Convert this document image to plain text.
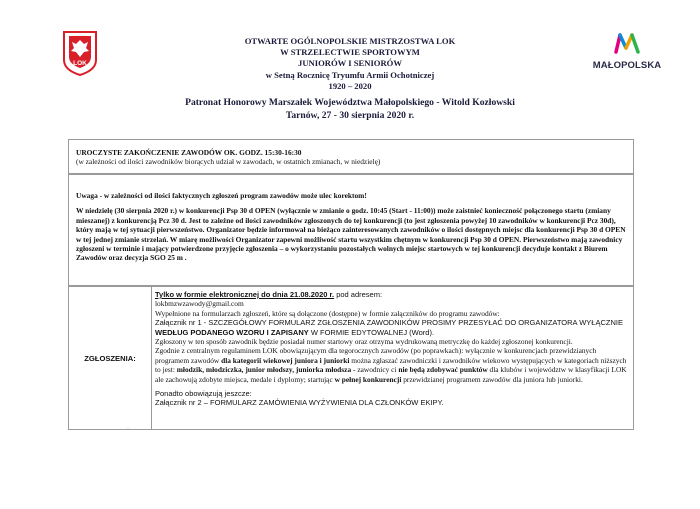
LOK	MAŁOPOLSKA
OTWARTE OGÓLNOPOLSKIE MISTRZOSTWA LOK
W STRZELECTWIE SPORTOWYM
JUNIORÓW I SENIORÓW
w Setną Rocznicę Tryumfu Armii Ochotniczej
1920 – 2020
Patronat Honorowy Marszałek Województwa Małopolskiego - Witold Kozłowski
Tarnów, 27 - 30 sierpnia 2020 r.

UROCZYSTE ZAKOŃCZENIE ZAWODÓW OK. GODZ. 15:30-16:30

(w zależności od ilości zawodników biorących udział w zawodach, w ostatnich zmianach, w niedzielę)

Uwaga - w zależności od ilości faktycznych zgłoszeń program zawodów może ulec korektom!

W niedzielę (30 sierpnia 2020 r.) w konkurencji Psp 30 d OPEN (wyłącznie w zmianie o godz. 10:45 (Start - 11:00)) może zaistnieć konieczność połączonego startu (zmiany mieszanej) z konkurencją Pcz 30 d. Jest to zależne od ilości zawodników zgłoszonych do tej konkurencji (to jest zgłoszenia powyżej 10 zawodników w konkurencji Pcz 30d), który mają w tej sytuacji pierwszeństwo. Organizator będzie informował na bieżąco zainteresowanych zawodników o ilości dostępnych miejsc dla konkurencji Psp 30 d OPEN w tej jednej zmianie strzelań. W miarę możliwości Organizator zapewni możliwość startu wszystkim chętnym w konkurencji Psp 30 d OPEN. Pierwszeństwo mają zawodnicy zgłoszeni w terminie i mający potwierdzone przyjęcie zgłoszenia – o wykorzystaniu pozostałych wolnych miejsc startowych w tej konkurencji decyduje kontakt z Biurem Zawodów oraz decyzja SGO 25 m .

ZGŁOSZENIA:

Tylko w formie elektronicznej do dnia 21.08.2020 r. pod adresem:

lokbmzwzawody@gmail.com

Wypełnione na formularzach zgłoszeń, które są dołączone (dostępne) w formie załączników do programu zawodów:

Załącznik nr 1 - SZCZEGÓŁOWY FORMULARZ ZGŁOSZENIA ZAWODNIKÓW PROSIMY PRZESYŁAĆ DO ORGANIZATORA WYŁĄCZNIE WEDŁUG PODANEGO WZORU I ZAPISANY W FORMIE EDYTOWALNEJ (Word).

Zgłoszony w ten sposób zawodnik będzie posiadał numer startowy oraz otrzyma wydrukowaną metryczkę do każdej zgłoszonej konkurencji.

Zgodnie z centralnym regulaminem LOK obowiązującym dla tegorocznych zawodów (po poprawkach): wyłącznie w konkurencjach przewidzianych programem zawodów dla kategorii wiekowej juniora i juniorki można zgłaszać zawodniczki i zawodników wiekowo występujących w kategoriach niższych to jest: młodzik, młodziczka, junior młodszy, juniorka młodsza - zawodnicy ci nie będą zdobywać punktów dla klubów i województw w klasyfikacji LOK ale zachowują zdobyte miejsca, medale i dyplomy; startując w pełnej konkurencji przewidzianej programem zawodów dla juniora lub juniorki.

Ponadto obowiązują jeszcze:

Załącznik nr 2 – FORMULARZ ZAMÓWIENIA WYŻYWIENIA DLA CZŁONKÓW EKIPY.

·
